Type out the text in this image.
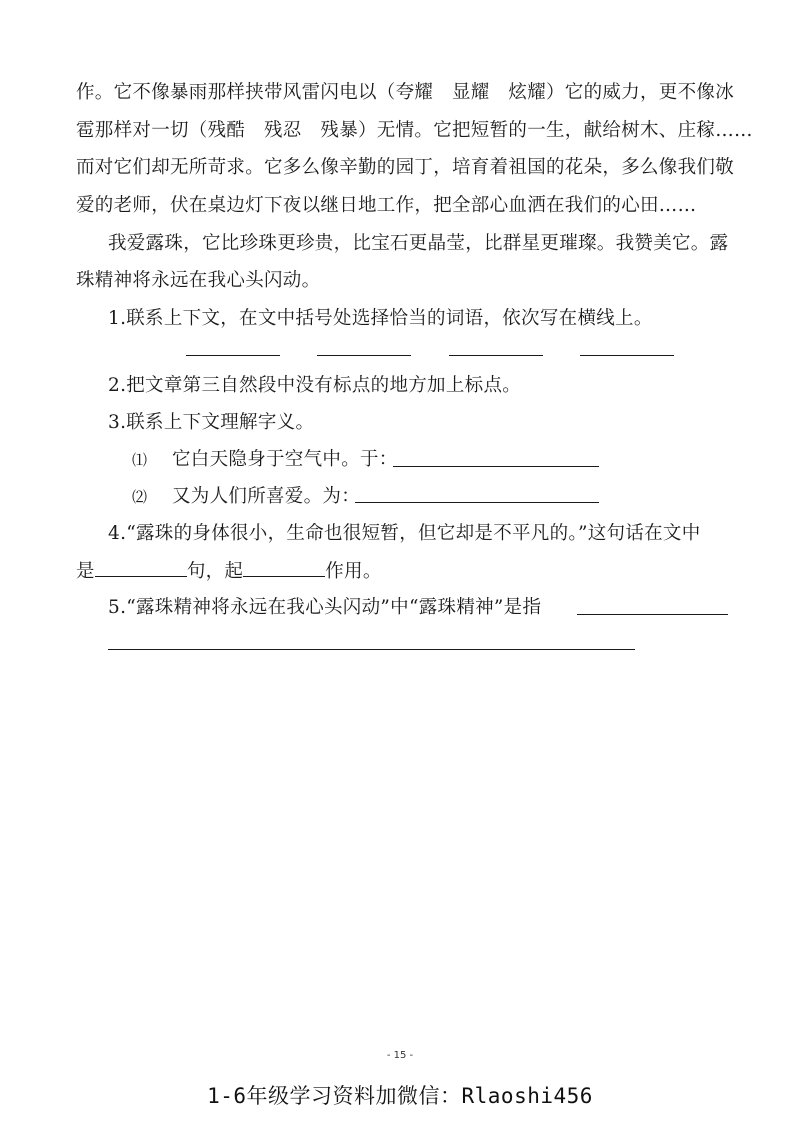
作。它不像暴雨那样挟带风雷闪电以（夸耀　显耀　炫耀）它的威力，更不像冰
雹那样对一切（残酷　残忍　残暴）无情。它把短暂的一生，献给树木、庄稼……
而对它们却无所苛求。它多么像辛勤的园丁，培育着祖国的花朵，多么像我们敬
爱的老师，伏在桌边灯下夜以继日地工作，把全部心血洒在我们的心田……
我爱露珠，它比珍珠更珍贵，比宝石更晶莹，比群星更璀璨。我赞美它。露
珠精神将永远在我心头闪动。
1.联系上下文，在文中括号处选择恰当的词语，依次写在横线上。
2.把文章第三自然段中没有标点的地方加上标点。
3.联系上下文理解字义。
⑴ 它白天隐身于空气中。于：
⑵ 又为人们所喜爱。为：
4.“露珠的身体很小，生命也很短暂，但它却是不平凡的。”这句话在文中
是	句，起	作用。
5.“露珠精神将永远在我心头闪动”中“露珠精神”是指
- 15 -
1-6年级学习资料加微信：Rlaoshi456
